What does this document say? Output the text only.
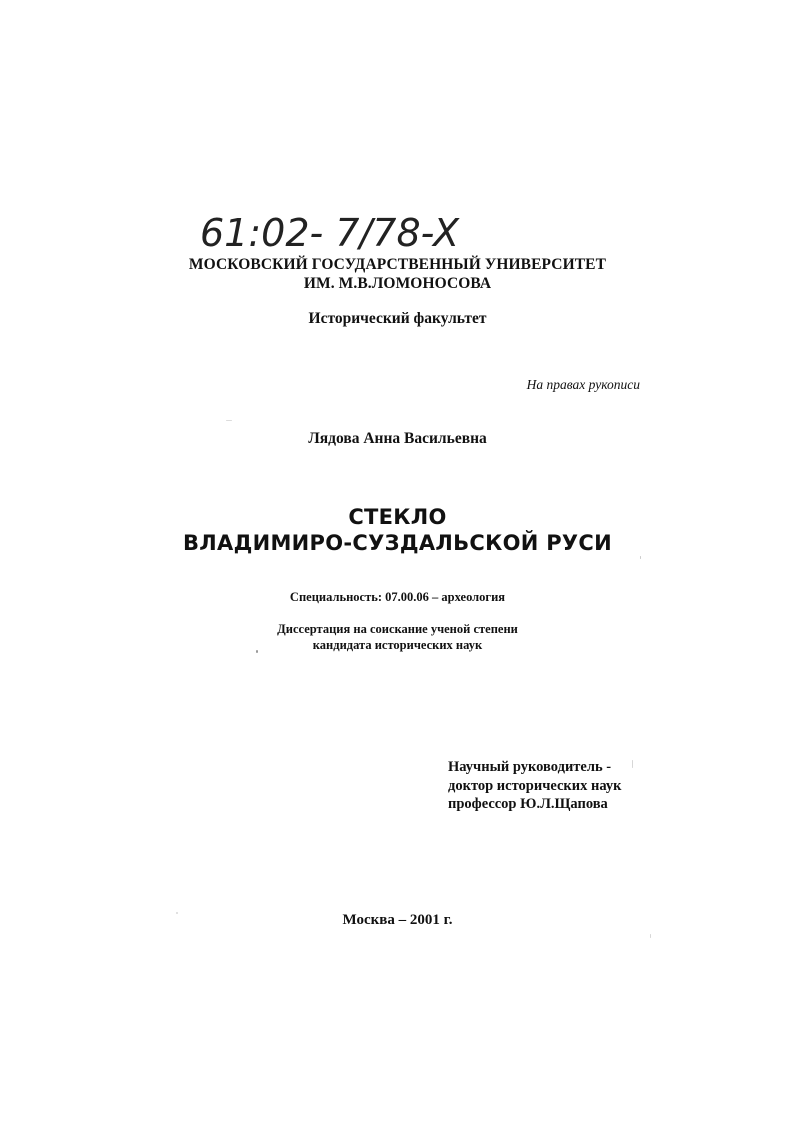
61:02- 7/78-X
МОСКОВСКИЙ ГОСУДАРСТВЕННЫЙ УНИВЕРСИТЕТ
ИМ. М.В.ЛОМОНОСОВА
Исторический факультет
На правах рукописи
Лядова Анна Васильевна
СТЕКЛО
ВЛАДИМИРО-СУЗДАЛЬСКОЙ РУСИ
Специальность: 07.00.06 – археология
Диссертация на соискание ученой степени
кандидата исторических наук
Научный руководитель -
доктор исторических наук
профессор Ю.Л.Щапова
Москва – 2001 г.
